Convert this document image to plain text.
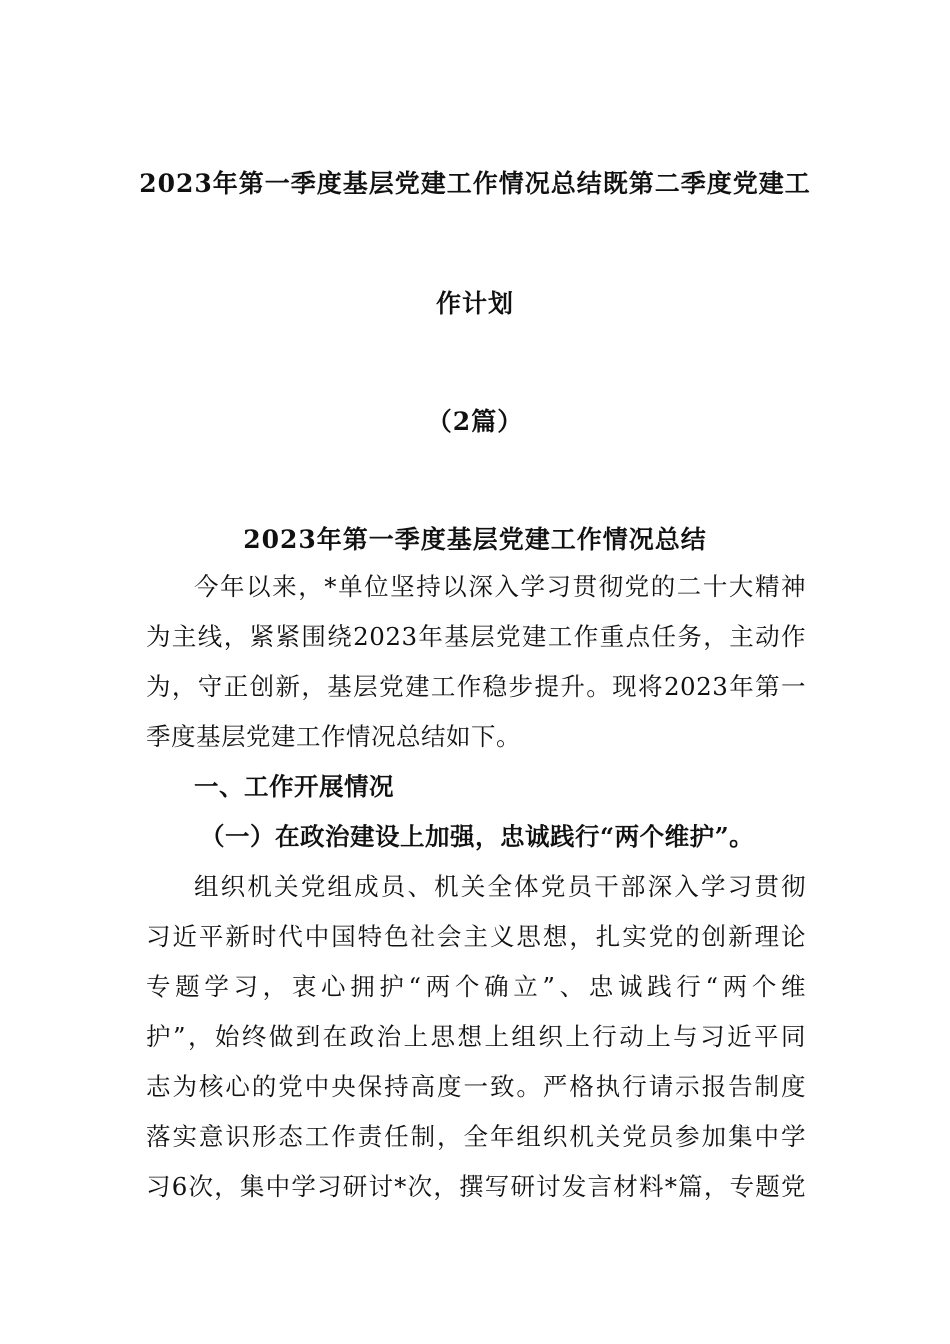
2023年第一季度基层党建工作情况总结既第二季度党建工
作计划
（2篇）
2023年第一季度基层党建工作情况总结
今年以来，*单位坚持以深入学习贯彻党的二十大精神
为主线，紧紧围绕2023年基层党建工作重点任务，主动作
为，守正创新，基层党建工作稳步提升。现将2023年第一
季度基层党建工作情况总结如下。
一、工作开展情况
（一）在政治建设上加强，忠诚践行“两个维护”。
组织机关党组成员、机关全体党员干部深入学习贯彻
习近平新时代中国特色社会主义思想，扎实党的创新理论
专题学习，衷心拥护“两个确立”、忠诚践行“两个维
护”，始终做到在政治上思想上组织上行动上与习近平同
志为核心的党中央保持高度一致。严格执行请示报告制度
落实意识形态工作责任制，全年组织机关党员参加集中学
习6次，集中学习研讨*次，撰写研讨发言材料*篇，专题党
